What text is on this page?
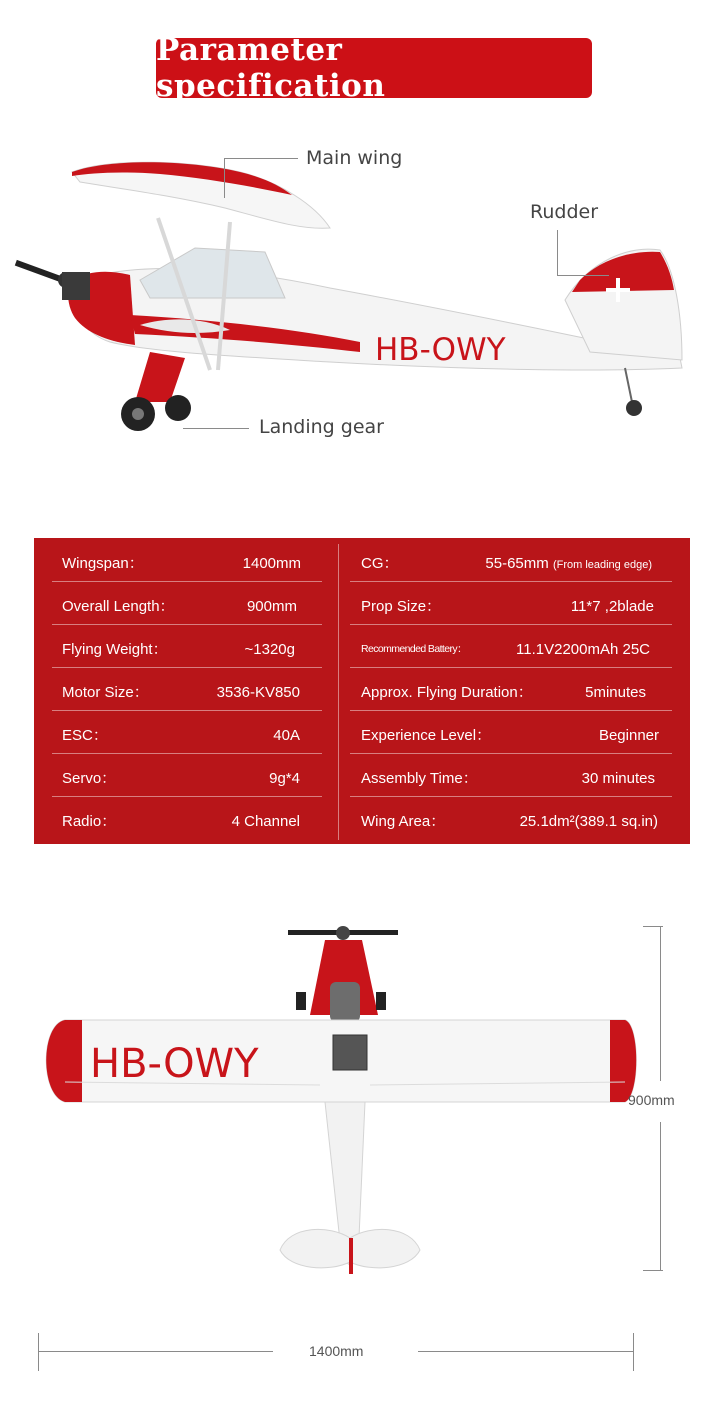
Parameter specification
HB-OWY
Main wing
Rudder
Landing gear
Wingspan：	1400mm
Overall Length：	900mm
Flying Weight：	~1320g
Motor Size：	3536-KV850
ESC：	40A
Servo：	9g*4
Radio：	4 Channel
CG：	55-65mm (From leading edge)
Prop Size：	11*7 ,2blade
Recommended Battery：	11.1V2200mAh 25C
Approx. Flying Duration：	5minutes
Experience Level：	Beginner
Assembly Time：	30 minutes
Wing Area：	25.1dm²(389.1 sq.in)
HB-OWY
900mm
1400mm
